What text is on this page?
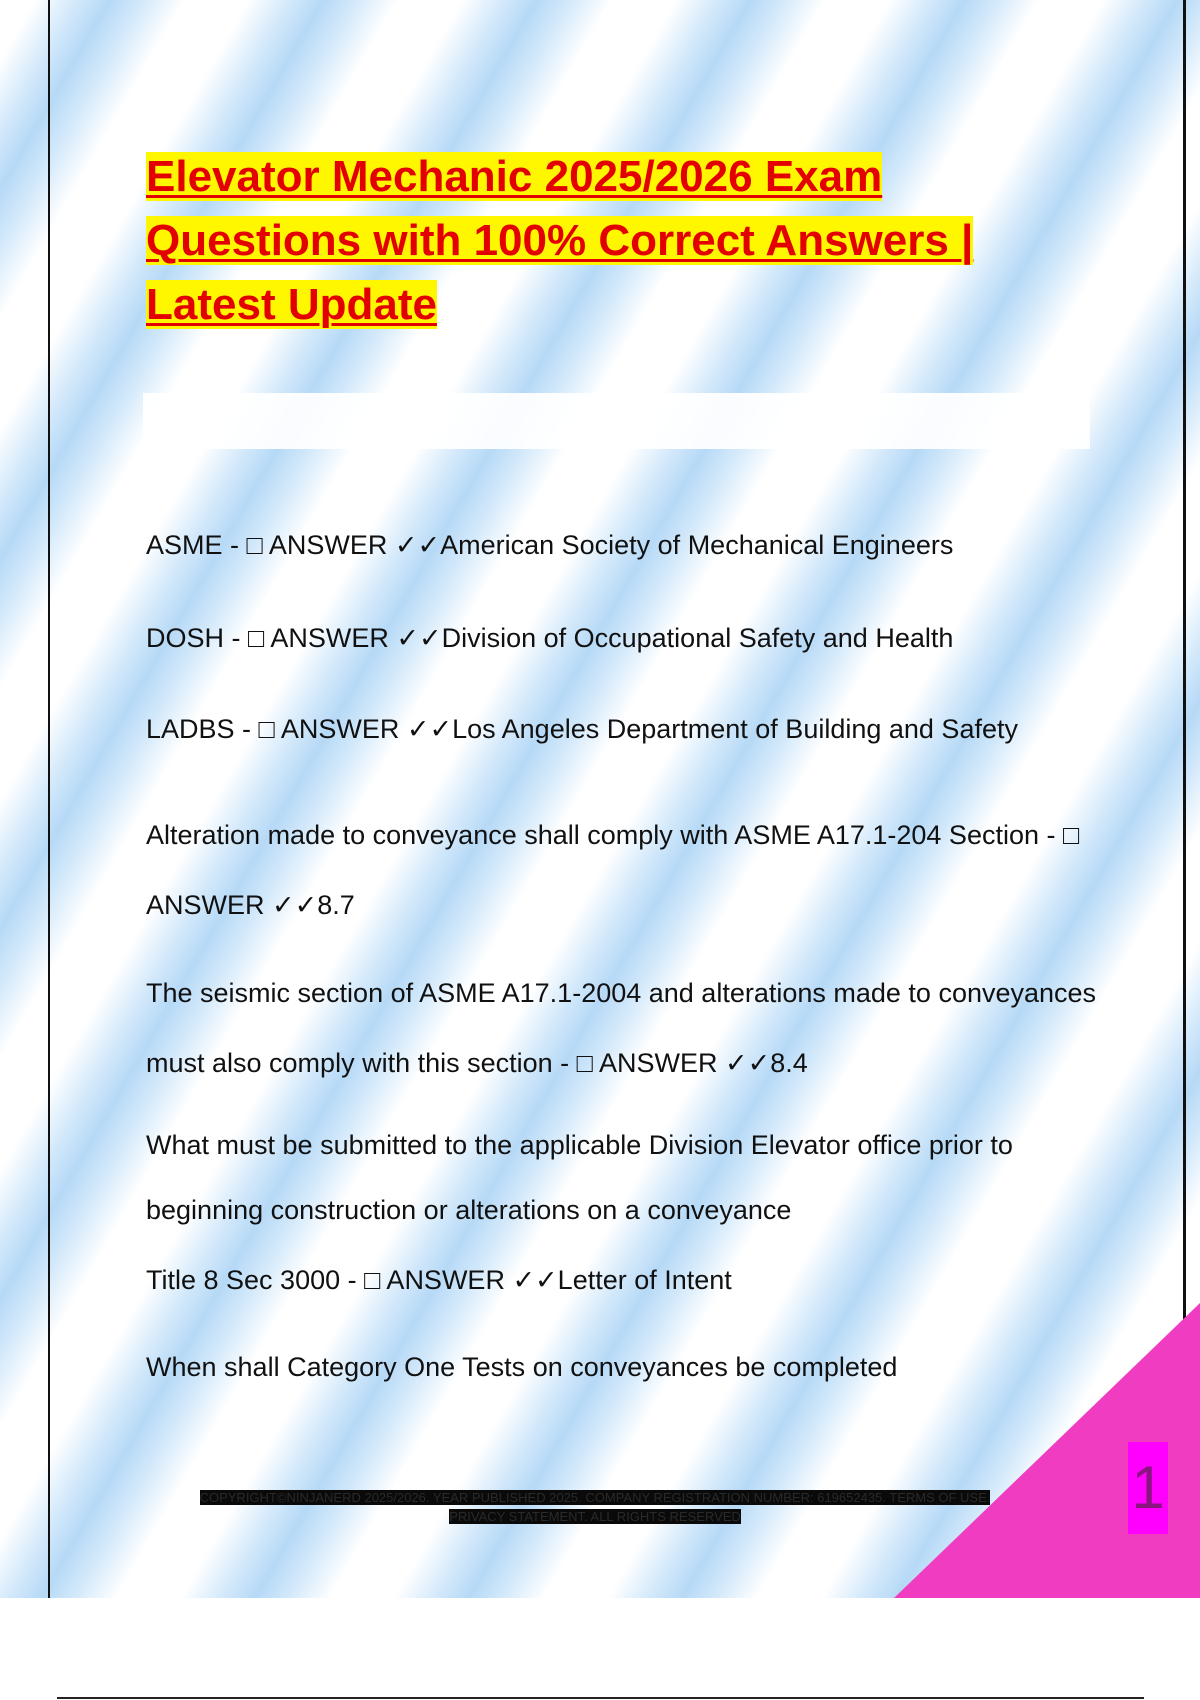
Elevator Mechanic 2025/2026 Exam Questions with 100% Correct Answers | Latest Update

ASME - □ ANSWER ✓✓American Society of Mechanical Engineers

DOSH - □ ANSWER ✓✓Division of Occupational Safety and Health

LADBS - □ ANSWER ✓✓Los Angeles Department of Building and Safety

Alteration made to conveyance shall comply with ASME A17.1-204 Section - □ ANSWER ✓✓8.7

The seismic section of ASME A17.1-2004 and alterations made to conveyances must also comply with this section - □ ANSWER ✓✓8.4

What must be submitted to the applicable Division Elevator office prior to beginning construction or alterations on a conveyance

Title 8 Sec 3000 - □ ANSWER ✓✓Letter of Intent

When shall Category One Tests on conveyances be completed

COPYRIGHT©NINJANERD 2025/2026. YEAR PUBLISHED 2025. COMPANY REGISTRATION NUMBER: 619652435. TERMS OF USE. PRIVACY STATEMENT. ALL RIGHTS RESERVED	1
